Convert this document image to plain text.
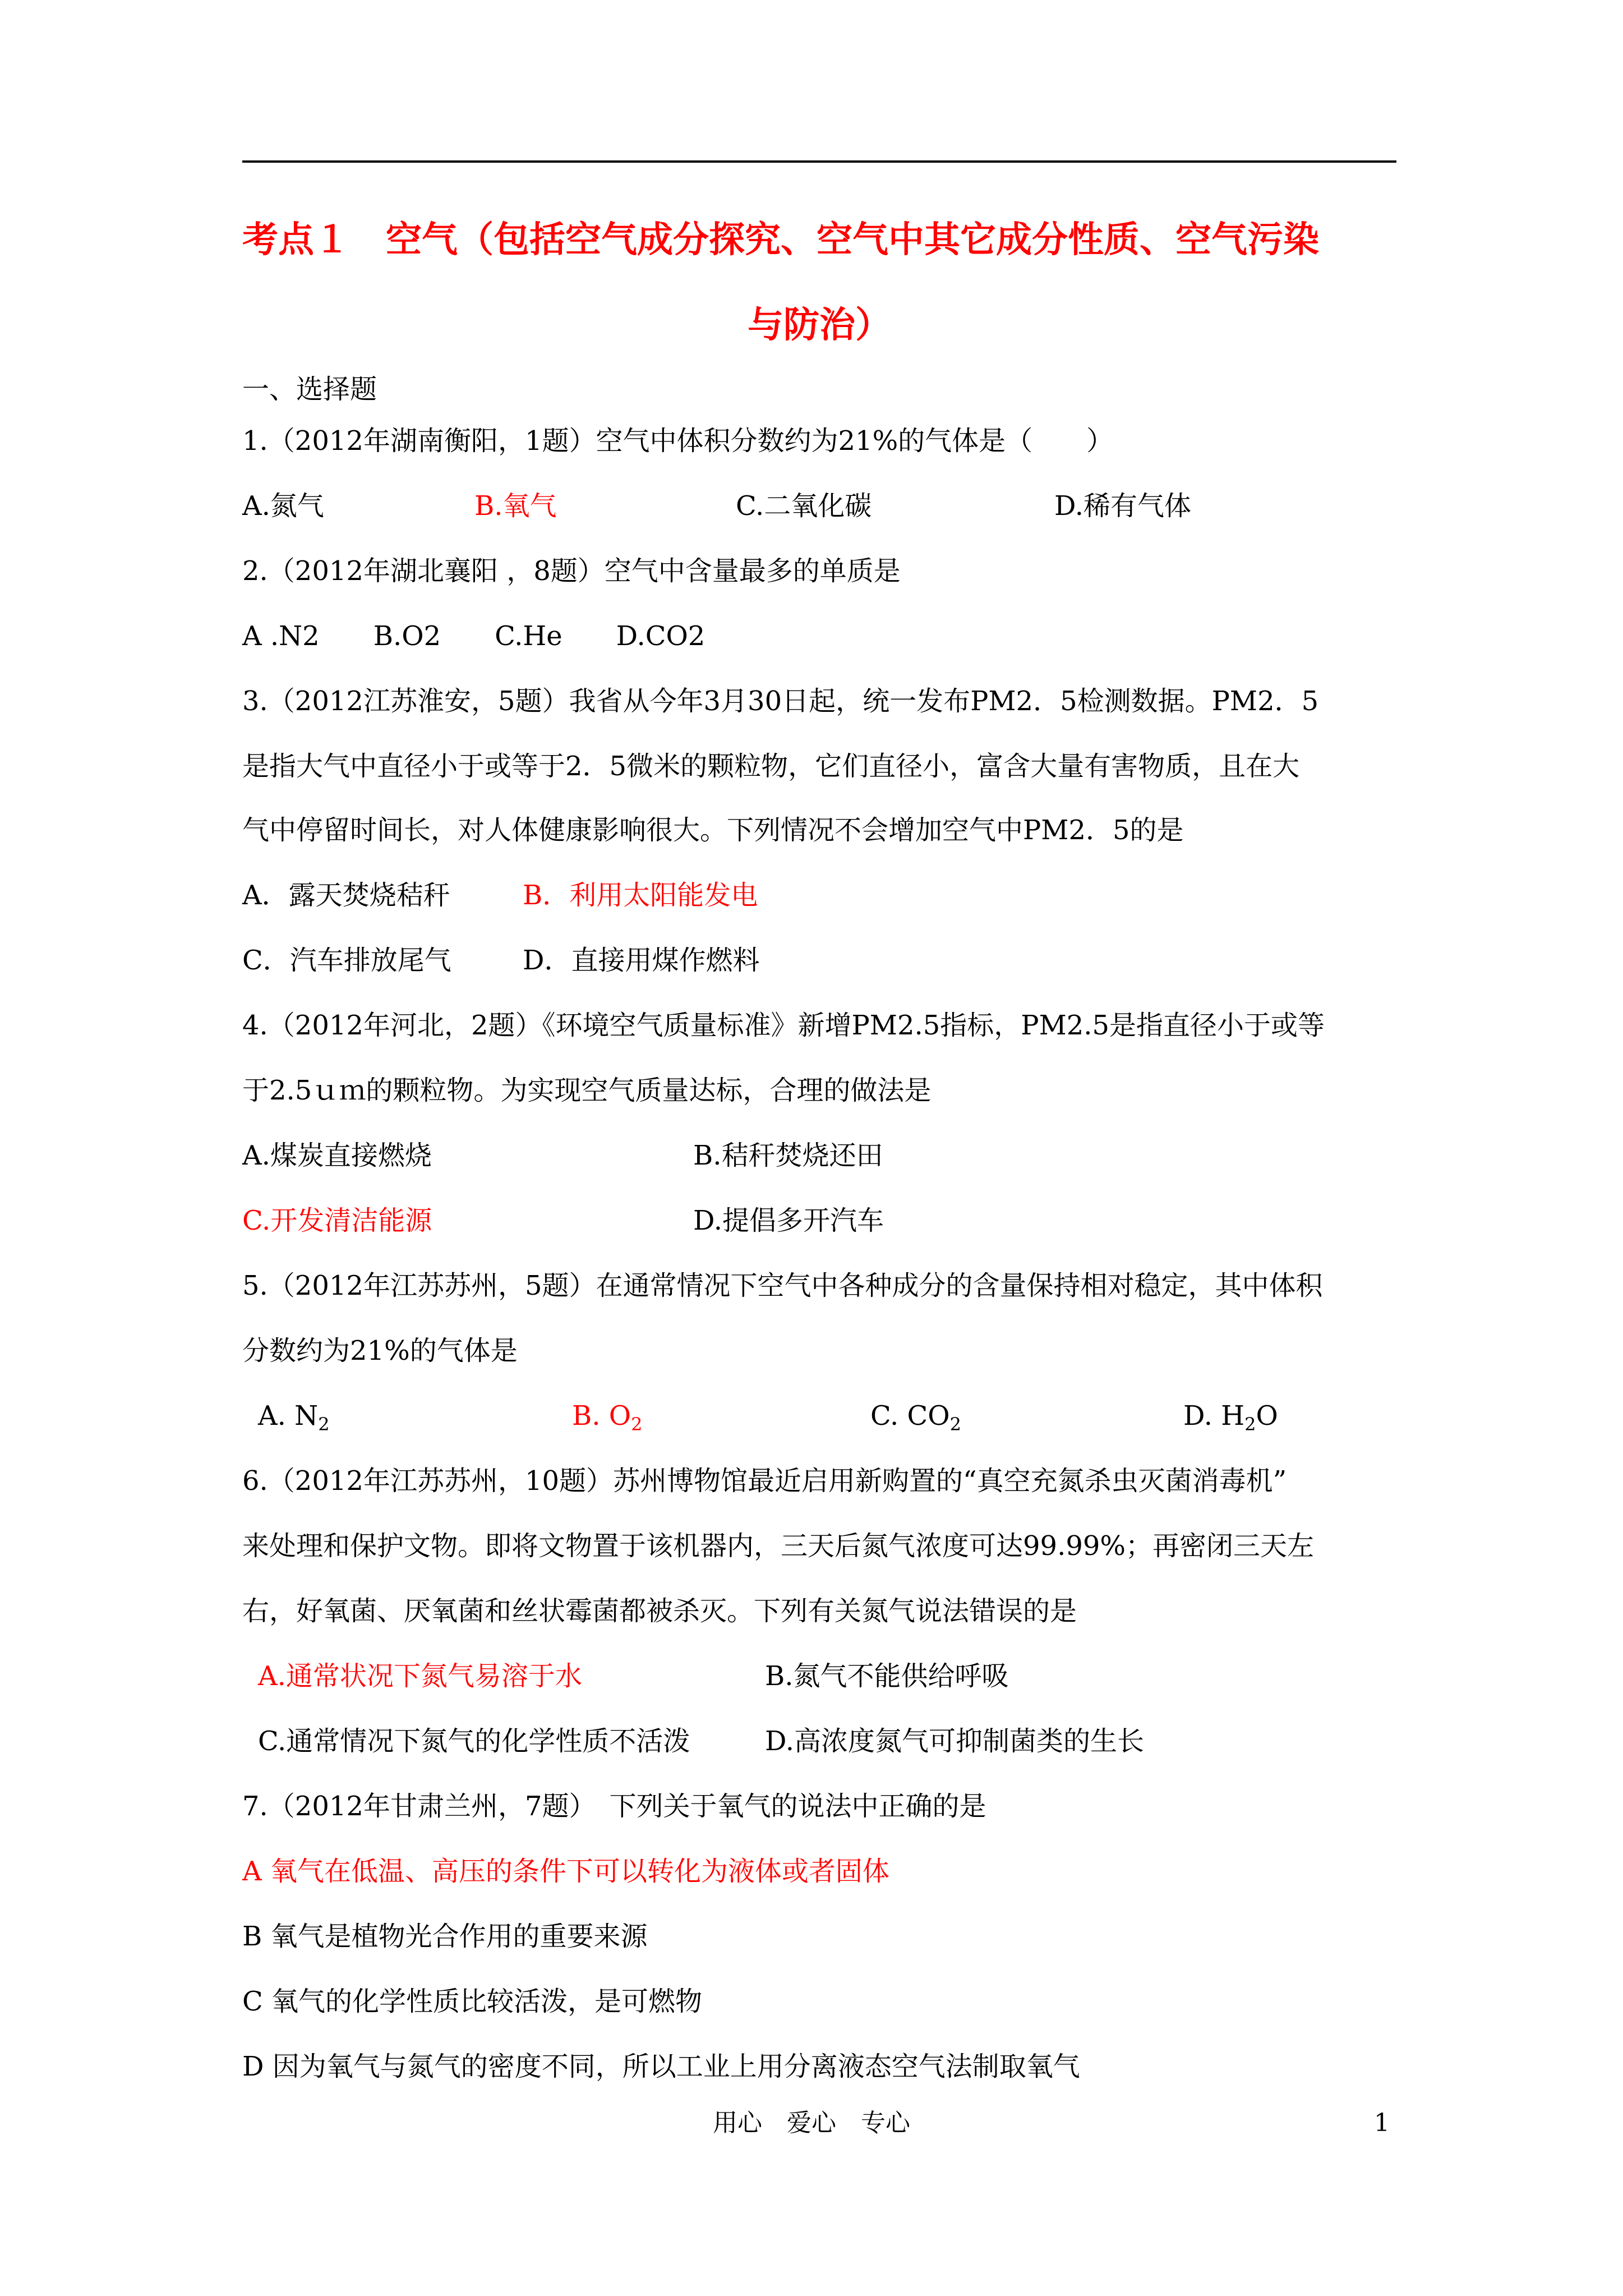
考点１　空气（包括空气成分探究、空气中其它成分性质、空气污染
与防治）
一、选择题
1.（2012年湖南衡阳，1题）空气中体积分数约为21%的气体是（　　）
A.氮气	B.氧气	C.二氧化碳	D.稀有气体
2.（2012年湖北襄阳 ，8题）空气中含量最多的单质是
A .N2　　B.O2　　C.He　　D.CO2
3.（2012江苏淮安，5题）我省从今年3月30日起，统一发布PM2．5检测数据。PM2．5
是指大气中直径小于或等于2．5微米的颗粒物，它们直径小，富含大量有害物质，且在大
气中停留时间长，对人体健康影响很大。下列情况不会增加空气中PM2．5的是
A．露天焚烧秸秆	B．利用太阳能发电
C．汽车排放尾气	D．直接用煤作燃料
4.（2012年河北，2题）《环境空气质量标准》新增PM2.5指标，PM2.5是指直径小于或等
于2.5ｕｍ的颗粒物。为实现空气质量达标，合理的做法是
A.煤炭直接燃烧	B.秸秆焚烧还田
C.开发清洁能源	D.提倡多开汽车
5.（2012年江苏苏州，5题）在通常情况下空气中各种成分的含量保持相对稳定，其中体积
分数约为21%的气体是
A. $N_2$	B. $O_2$	C. $CO_2$	D. $H_2O$
6.（2012年江苏苏州，10题）苏州博物馆最近启用新购置的“真空充氮杀虫灭菌消毒机”
来处理和保护文物。即将文物置于该机器内，三天后氮气浓度可达99.99%；再密闭三天左
右，好氧菌、厌氧菌和丝状霉菌都被杀灭。下列有关氮气说法错误的是
A.通常状况下氮气易溶于水	B.氮气不能供给呼吸
C.通常情况下氮气的化学性质不活泼	D.高浓度氮气可抑制菌类的生长
7.（2012年甘肃兰州，7题）　下列关于氧气的说法中正确的是
A 氧气在低温、高压的条件下可以转化为液体或者固体
B 氧气是植物光合作用的重要来源
C 氧气的化学性质比较活泼，是可燃物
D 因为氧气与氮气的密度不同，所以工业上用分离液态空气法制取氧气
用心　爱心　专心	1
